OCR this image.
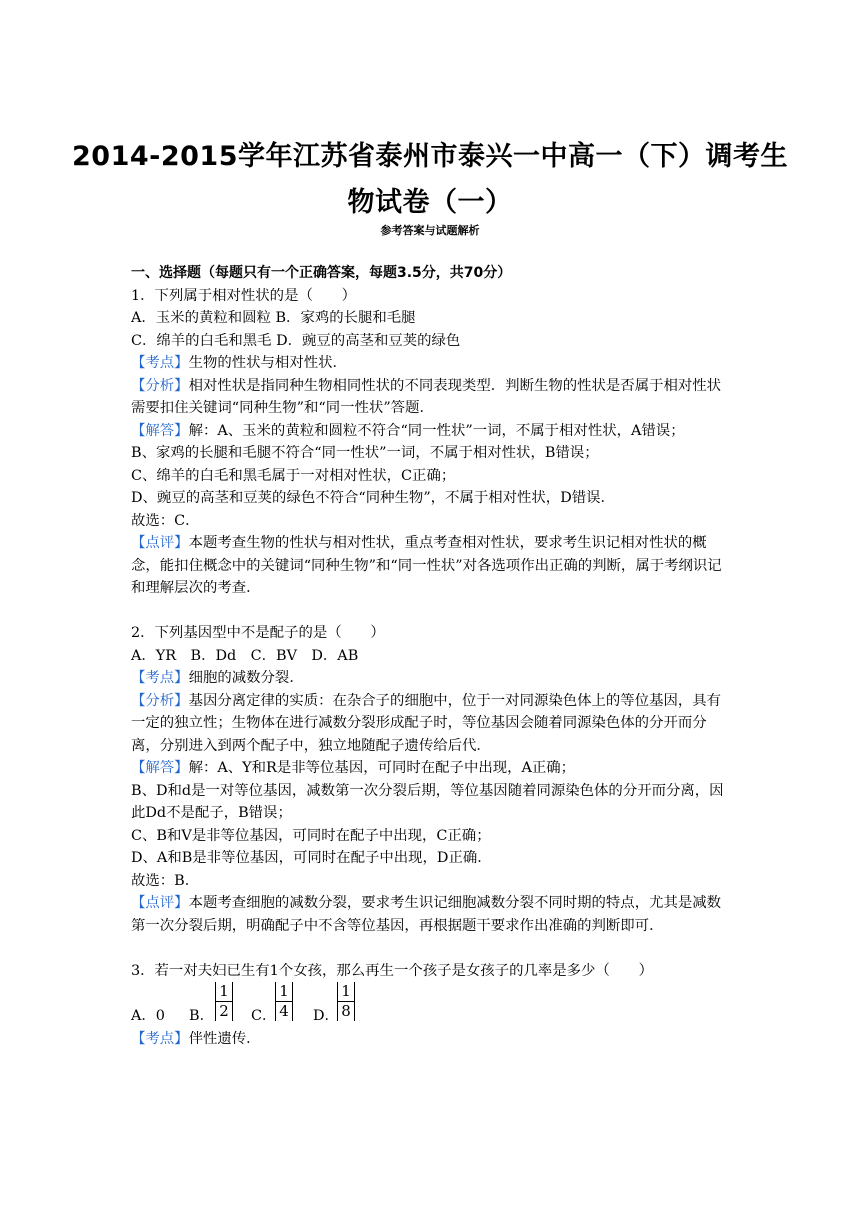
2014-2015学年江苏省泰州市泰兴一中高一（下）调考生
物试卷（一）
参考答案与试题解析
一、选择题（每题只有一个正确答案，每题3.5分，共70分）
1．下列属于相对性状的是（　　）
A．玉米的黄粒和圆粒 B．家鸡的长腿和毛腿
C．绵羊的白毛和黑毛 D．豌豆的高茎和豆荚的绿色
【考点】生物的性状与相对性状．
【分析】相对性状是指同种生物相同性状的不同表现类型．判断生物的性状是否属于相对性状需要扣住关键词“同种生物”和“同一性状”答题．
【解答】解：A、玉米的黄粒和圆粒不符合“同一性状”一词，不属于相对性状，A错误；
B、家鸡的长腿和毛腿不符合“同一性状”一词，不属于相对性状，B错误；
C、绵羊的白毛和黑毛属于一对相对性状，C正确；
D、豌豆的高茎和豆荚的绿色不符合“同种生物”，不属于相对性状，D错误．
故选：C．
【点评】本题考查生物的性状与相对性状，重点考查相对性状，要求考生识记相对性状的概念，能扣住概念中的关键词“同种生物”和“同一性状”对各选项作出正确的判断，属于考纲识记和理解层次的考查．
2．下列基因型中不是配子的是（　　）
A．YR　B．Dd　C．BV　D．AB
【考点】细胞的减数分裂．
【分析】基因分离定律的实质：在杂合子的细胞中，位于一对同源染色体上的等位基因，具有一定的独立性；生物体在进行减数分裂形成配子时，等位基因会随着同源染色体的分开而分离，分别进入到两个配子中，独立地随配子遗传给后代．
【解答】解：A、Y和R是非等位基因，可同时在配子中出现，A正确；
B、D和d是一对等位基因，减数第一次分裂后期，等位基因随着同源染色体的分开而分离，因此Dd不是配子，B错误；
C、B和V是非等位基因，可同时在配子中出现，C正确；
D、A和B是非等位基因，可同时在配子中出现，D正确．
故选：B．
【点评】本题考查细胞的减数分裂，要求考生识记细胞减数分裂不同时期的特点，尤其是减数第一次分裂后期，明确配子中不含等位基因，再根据题干要求作出准确的判断即可．
3．若一对夫妇已生有1个女孩，那么再生一个孩子是女孩子的几率是多少（　　）
A．0 B． $\frac{1}{2}$ C．
$\frac{1}{4}$ D．
$\frac{1}{8}$
【考点】伴性遗传．
